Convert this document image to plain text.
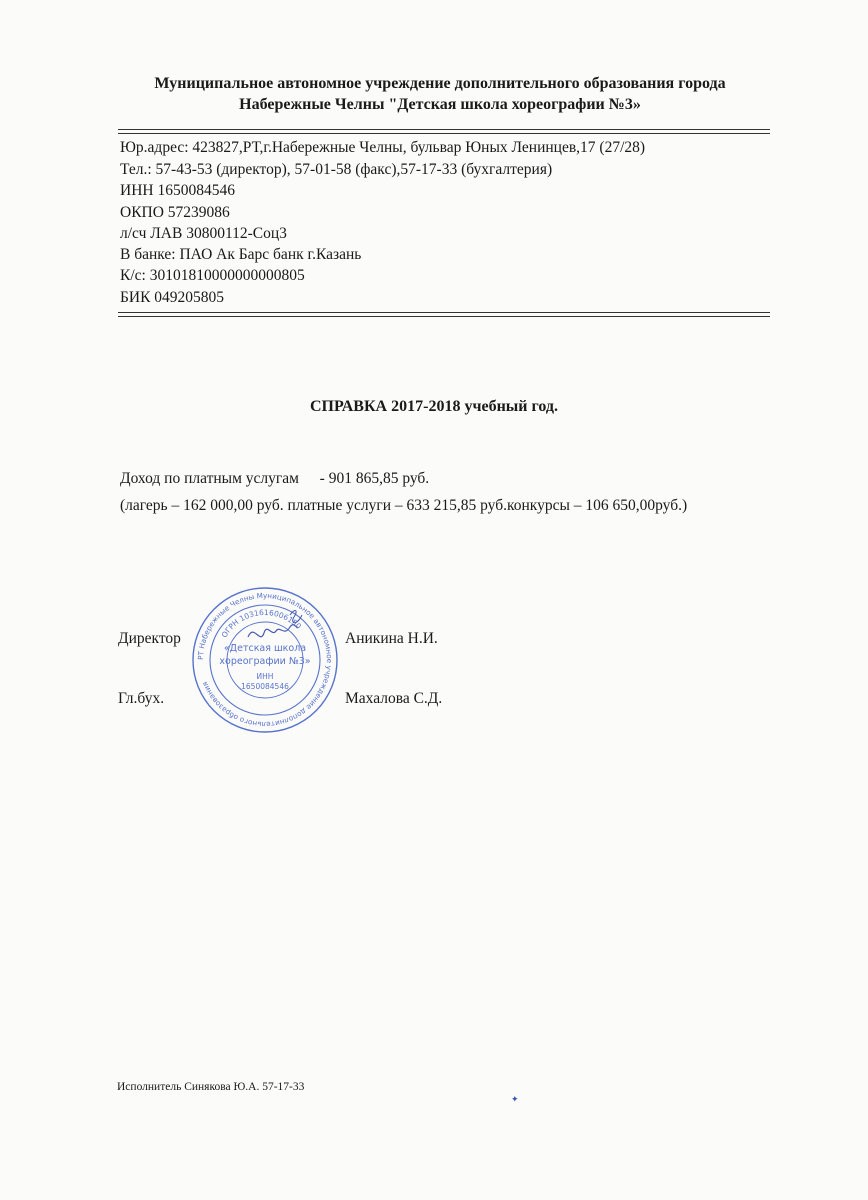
Муниципальное автономное учреждение дополнительного образования города
Набережные Челны "Детская школа хореографии №3»
Юр.адрес: 423827,РТ,г.Набережные Челны, бульвар Юных Ленинцев,17 (27/28)
Тел.: 57-43-53 (директор), 57-01-58 (факс),57-17-33 (бухгалтерия)
ИНН 1650084546
ОКПО 57239086
л/сч ЛАВ 30800112-Соц3
В банке: ПАО Ак Барс банк г.Казань
К/с: 30101810000000000805
БИК 049205805
СПРАВКА 2017-2018 учебный год.
Доход по платным услугам - 901 865,85 руб.
(лагерь – 162 000,00 руб. платные услуги – 633 215,85 руб.конкурсы – 106 650,00руб.)
Директор	Аникина Н.И.
Гл.бух.	Махалова С.Д.
РТ Набережные Челны Муниципальное автономное учреждение дополнительного образования
ОГРН 1031616006150
«Детская школа
хореографии №3»
ИНН
1650084546
Исполнитель Синякова Ю.А. 57-17-33
✦
